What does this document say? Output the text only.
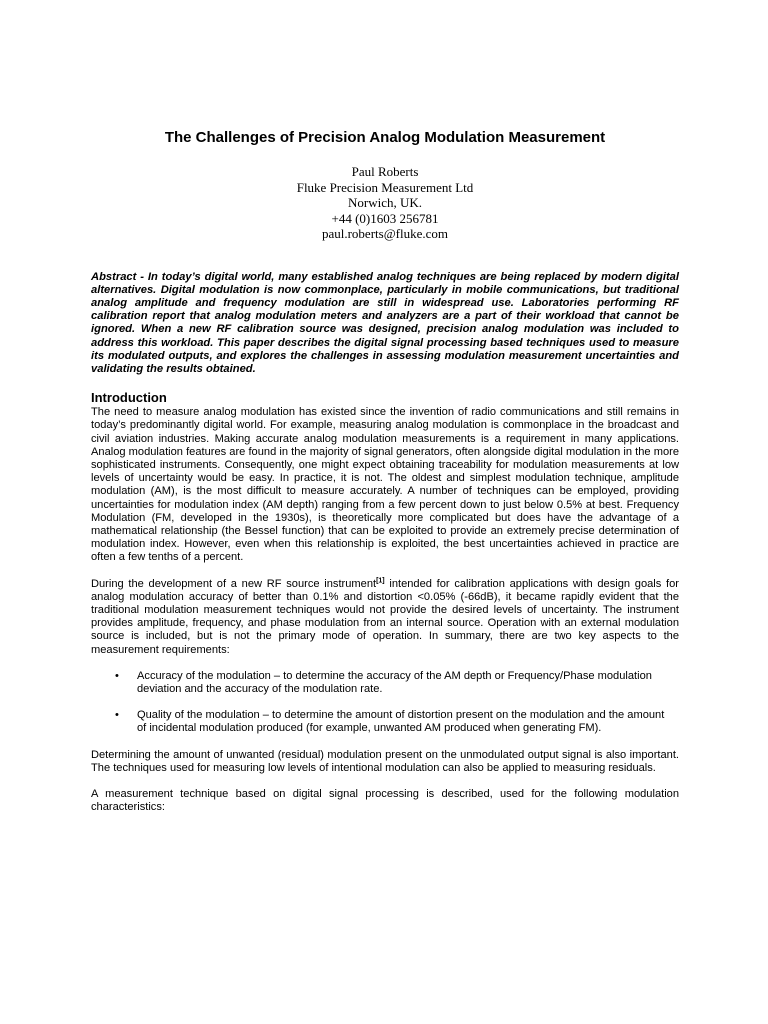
The Challenges of Precision Analog Modulation Measurement
Paul Roberts
Fluke Precision Measurement Ltd
Norwich, UK.
+44 (0)1603 256781
paul.roberts@fluke.com
Abstract - In today’s digital world, many established analog techniques are being replaced by modern digital alternatives. Digital modulation is now commonplace, particularly in mobile communications, but traditional analog amplitude and frequency modulation are still in widespread use. Laboratories performing RF calibration report that analog modulation meters and analyzers are a part of their workload that cannot be ignored. When a new RF calibration source was designed, precision analog modulation was included to address this workload. This paper describes the digital signal processing based techniques used to measure its modulated outputs, and explores the challenges in assessing modulation measurement uncertainties and validating the results obtained.
Introduction

The need to measure analog modulation has existed since the invention of radio communications and still remains in today’s predominantly digital world. For example, measuring analog modulation is commonplace in the broadcast and civil aviation industries. Making accurate analog modulation measurements is a requirement in many applications. Analog modulation features are found in the majority of signal generators, often alongside digital modulation in the more sophisticated instruments. Consequently, one might expect obtaining traceability for modulation measurements at low levels of uncertainty would be easy. In practice, it is not. The oldest and simplest modulation technique, amplitude modulation (AM), is the most difficult to measure accurately. A number of techniques can be employed, providing uncertainties for modulation index (AM depth) ranging from a few percent down to just below 0.5% at best. Frequency Modulation (FM, developed in the 1930s), is theoretically more complicated but does have the advantage of a mathematical relationship (the Bessel function) that can be exploited to provide an extremely precise determination of modulation index. However, even when this relationship is exploited, the best uncertainties achieved in practice are often a few tenths of a percent.

During the development of a new RF source instrument[1] intended for calibration applications with design goals for analog modulation accuracy of better than 0.1% and distortion <0.05% (-66dB), it became rapidly evident that the traditional modulation measurement techniques would not provide the desired levels of uncertainty. The instrument provides amplitude, frequency, and phase modulation from an internal source. Operation with an external modulation source is included, but is not the primary mode of operation. In summary, there are two key aspects to the measurement requirements:

• Accuracy of the modulation – to determine the accuracy of the AM depth or Frequency/Phase modulation deviation and the accuracy of the modulation rate.
• Quality of the modulation – to determine the amount of distortion present on the modulation and the amount of incidental modulation produced (for example, unwanted AM produced when generating FM).

Determining the amount of unwanted (residual) modulation present on the unmodulated output signal is also important. The techniques used for measuring low levels of intentional modulation can also be applied to measuring residuals.

A measurement technique based on digital signal processing is described, used for the following modulation characteristics:
